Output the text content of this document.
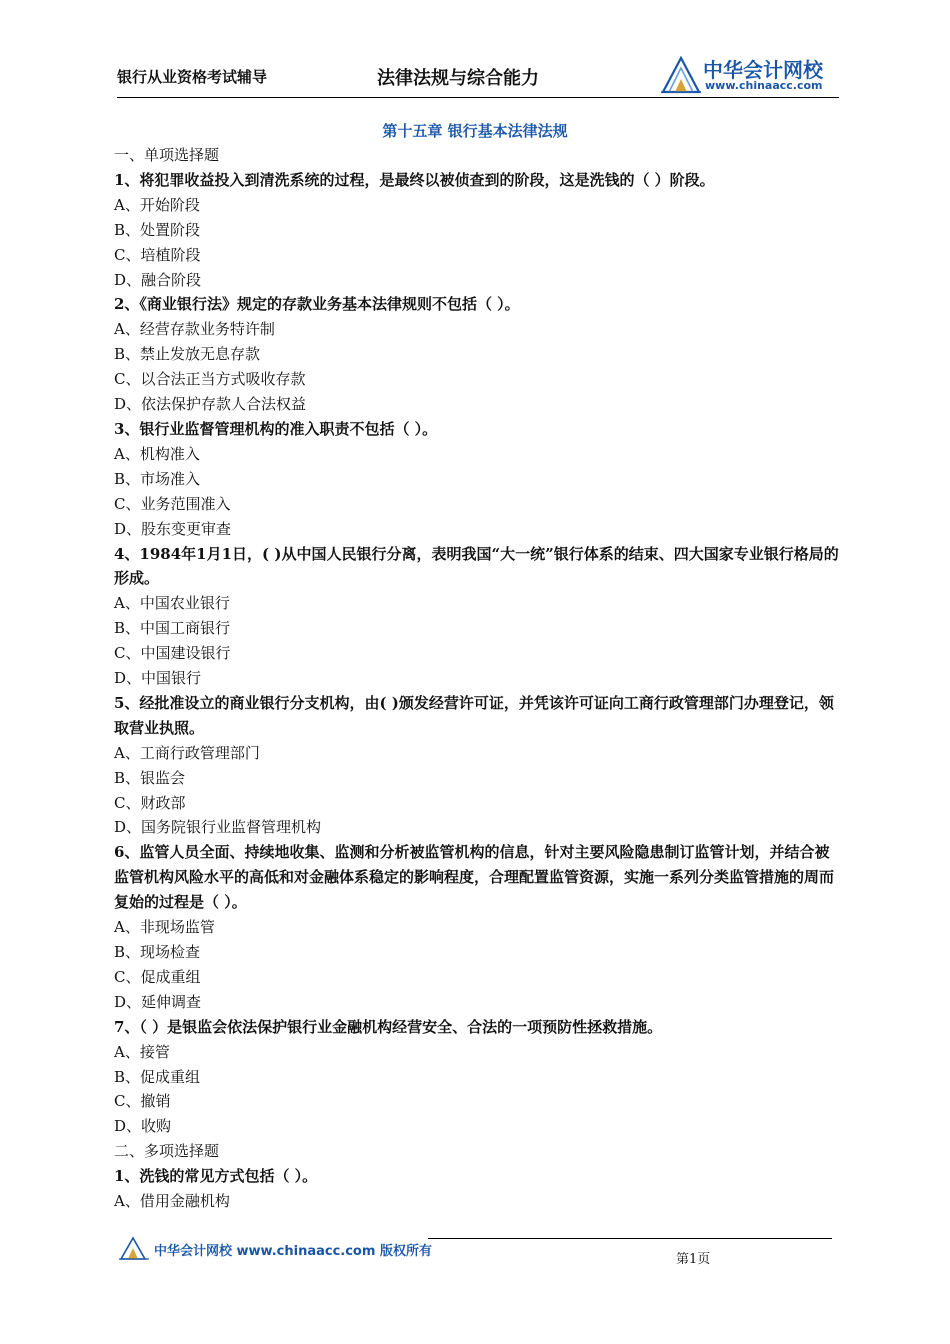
银行从业资格考试辅导	法律法规与综合能力	中华会计网校
www.chinaacc.com
第十五章 银行基本法律法规
一、单项选择题
1、将犯罪收益投入到清洗系统的过程，是最终以被侦查到的阶段，这是洗钱的（ ）阶段。
A、开始阶段
B、处置阶段
C、培植阶段
D、融合阶段
2、《商业银行法》规定的存款业务基本法律规则不包括（ ）。
A、经营存款业务特许制
B、禁止发放无息存款
C、以合法正当方式吸收存款
D、依法保护存款人合法权益
3、银行业监督管理机构的准入职责不包括（ ）。
A、机构准入
B、市场准入
C、业务范围准入
D、股东变更审查
4、1984年1月1日，( )从中国人民银行分离，表明我国“大一统”银行体系的结束、四大国家专业银行格局的形成。
A、中国农业银行
B、中国工商银行
C、中国建设银行
D、中国银行
5、经批准设立的商业银行分支机构，由( )颁发经营许可证，并凭该许可证向工商行政管理部门办理登记，领取营业执照。
A、工商行政管理部门
B、银监会
C、财政部
D、国务院银行业监督管理机构
6、监管人员全面、持续地收集、监测和分析被监管机构的信息，针对主要风险隐患制订监管计划，并结合被监管机构风险水平的高低和对金融体系稳定的影响程度，合理配置监管资源，实施一系列分类监管措施的周而复始的过程是（ ）。
A、非现场监管
B、现场检查
C、促成重组
D、延伸调查
7、（ ）是银监会依法保护银行业金融机构经营安全、合法的一项预防性拯救措施。
A、接管
B、促成重组
C、撤销
D、收购
二、多项选择题
1、洗钱的常见方式包括（ ）。
A、借用金融机构
中华会计网校 www.chinaacc.com 版权所有
第1页
